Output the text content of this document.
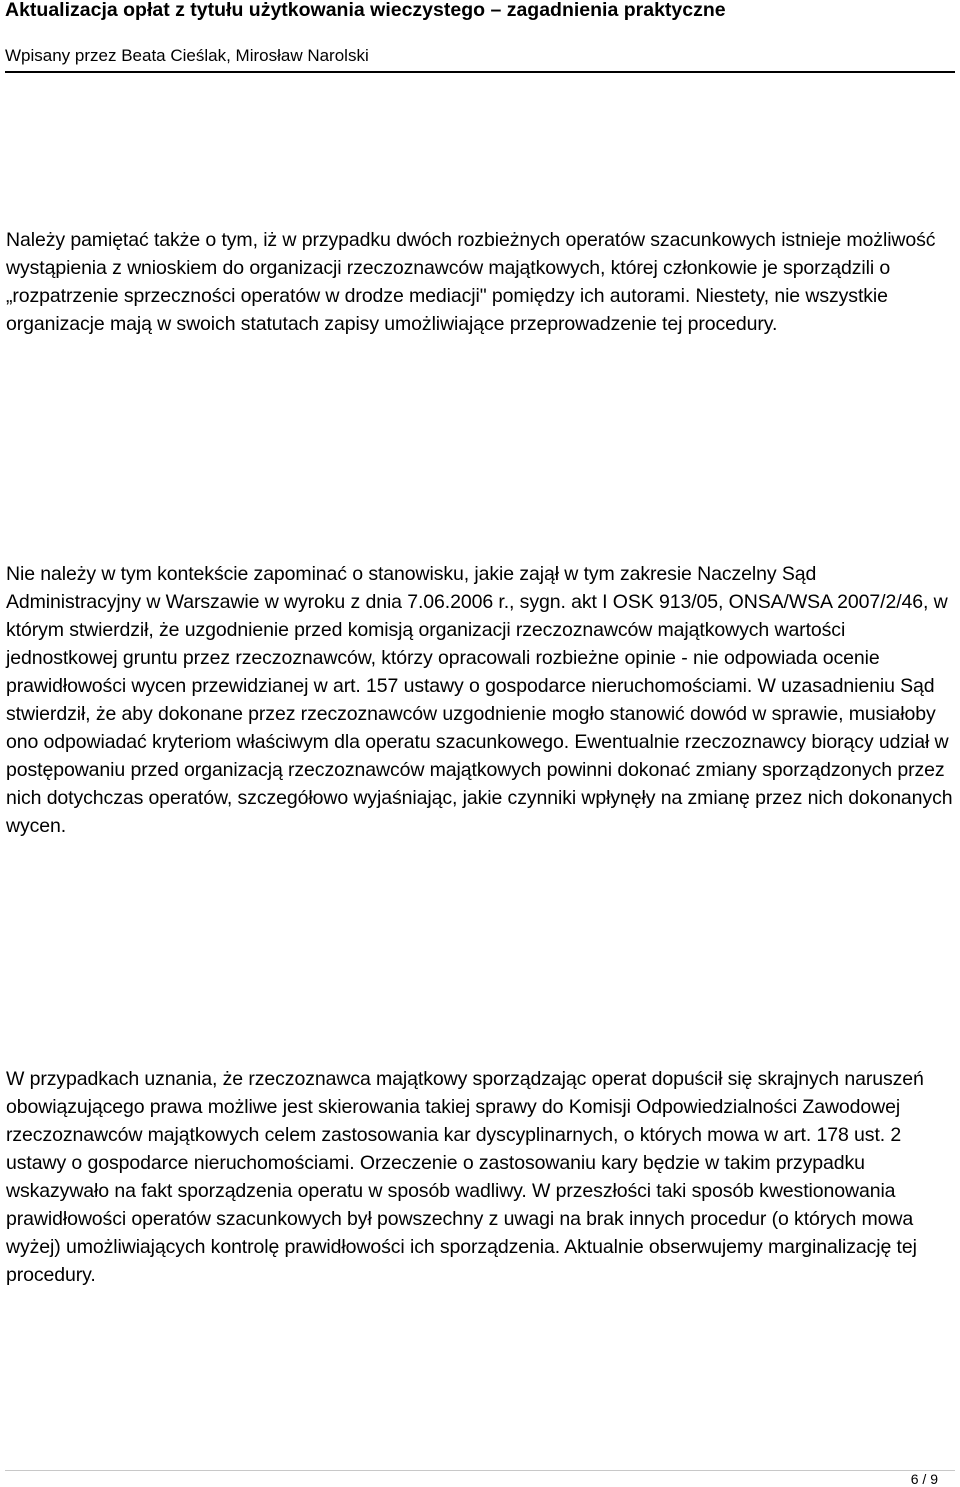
Aktualizacja opłat z tytułu użytkowania wieczystego – zagadnienia praktyczne

Wpisany przez Beata Cieślak, Mirosław Narolski

Należy pamiętać także o tym, iż w przypadku dwóch rozbieżnych operatów szacunkowych istnieje możliwość wystąpienia z wnioskiem do organizacji rzeczoznawców majątkowych, której członkowie je sporządzili o „rozpatrzenie sprzeczności operatów w drodze mediacji" pomiędzy ich autorami. Niestety, nie wszystkie organizacje mają w swoich statutach zapisy umożliwiające przeprowadzenie tej procedury.

Nie należy w tym kontekście zapominać o stanowisku, jakie zajął w tym zakresie Naczelny Sąd Administracyjny w Warszawie w wyroku z dnia 7.06.2006 r., sygn. akt I OSK 913/05, ONSA/WSA 2007/2/46, w którym stwierdził, że uzgodnienie przed komisją organizacji rzeczoznawców majątkowych wartości jednostkowej gruntu przez rzeczoznawców, którzy opracowali rozbieżne opinie - nie odpowiada ocenie prawidłowości wycen przewidzianej w art. 157 ustawy o gospodarce nieruchomościami. W uzasadnieniu Sąd stwierdził, że aby dokonane przez rzeczoznawców uzgodnienie mogło stanowić dowód w sprawie, musiałoby ono odpowiadać kryteriom właściwym dla operatu szacunkowego. Ewentualnie rzeczoznawcy biorący udział w postępowaniu przed organizacją rzeczoznawców majątkowych powinni dokonać zmiany sporządzonych przez nich dotychczas operatów, szczegółowo wyjaśniając, jakie czynniki wpłynęły na zmianę przez nich dokonanych wycen.

W przypadkach uznania, że rzeczoznawca majątkowy sporządzając operat dopuścił się skrajnych naruszeń obowiązującego prawa możliwe jest skierowania takiej sprawy do Komisji Odpowiedzialności Zawodowej rzeczoznawców majątkowych celem zastosowania kar dyscyplinarnych, o których mowa w art. 178 ust. 2 ustawy o gospodarce nieruchomościami. Orzeczenie o zastosowaniu kary będzie w takim przypadku wskazywało na fakt sporządzenia operatu w sposób wadliwy. W przeszłości taki sposób kwestionowania prawidłowości operatów szacunkowych był powszechny z uwagi na brak innych procedur (o których mowa wyżej) umożliwiających kontrolę prawidłowości ich sporządzenia. Aktualnie obserwujemy marginalizację tej procedury.

6 / 9
